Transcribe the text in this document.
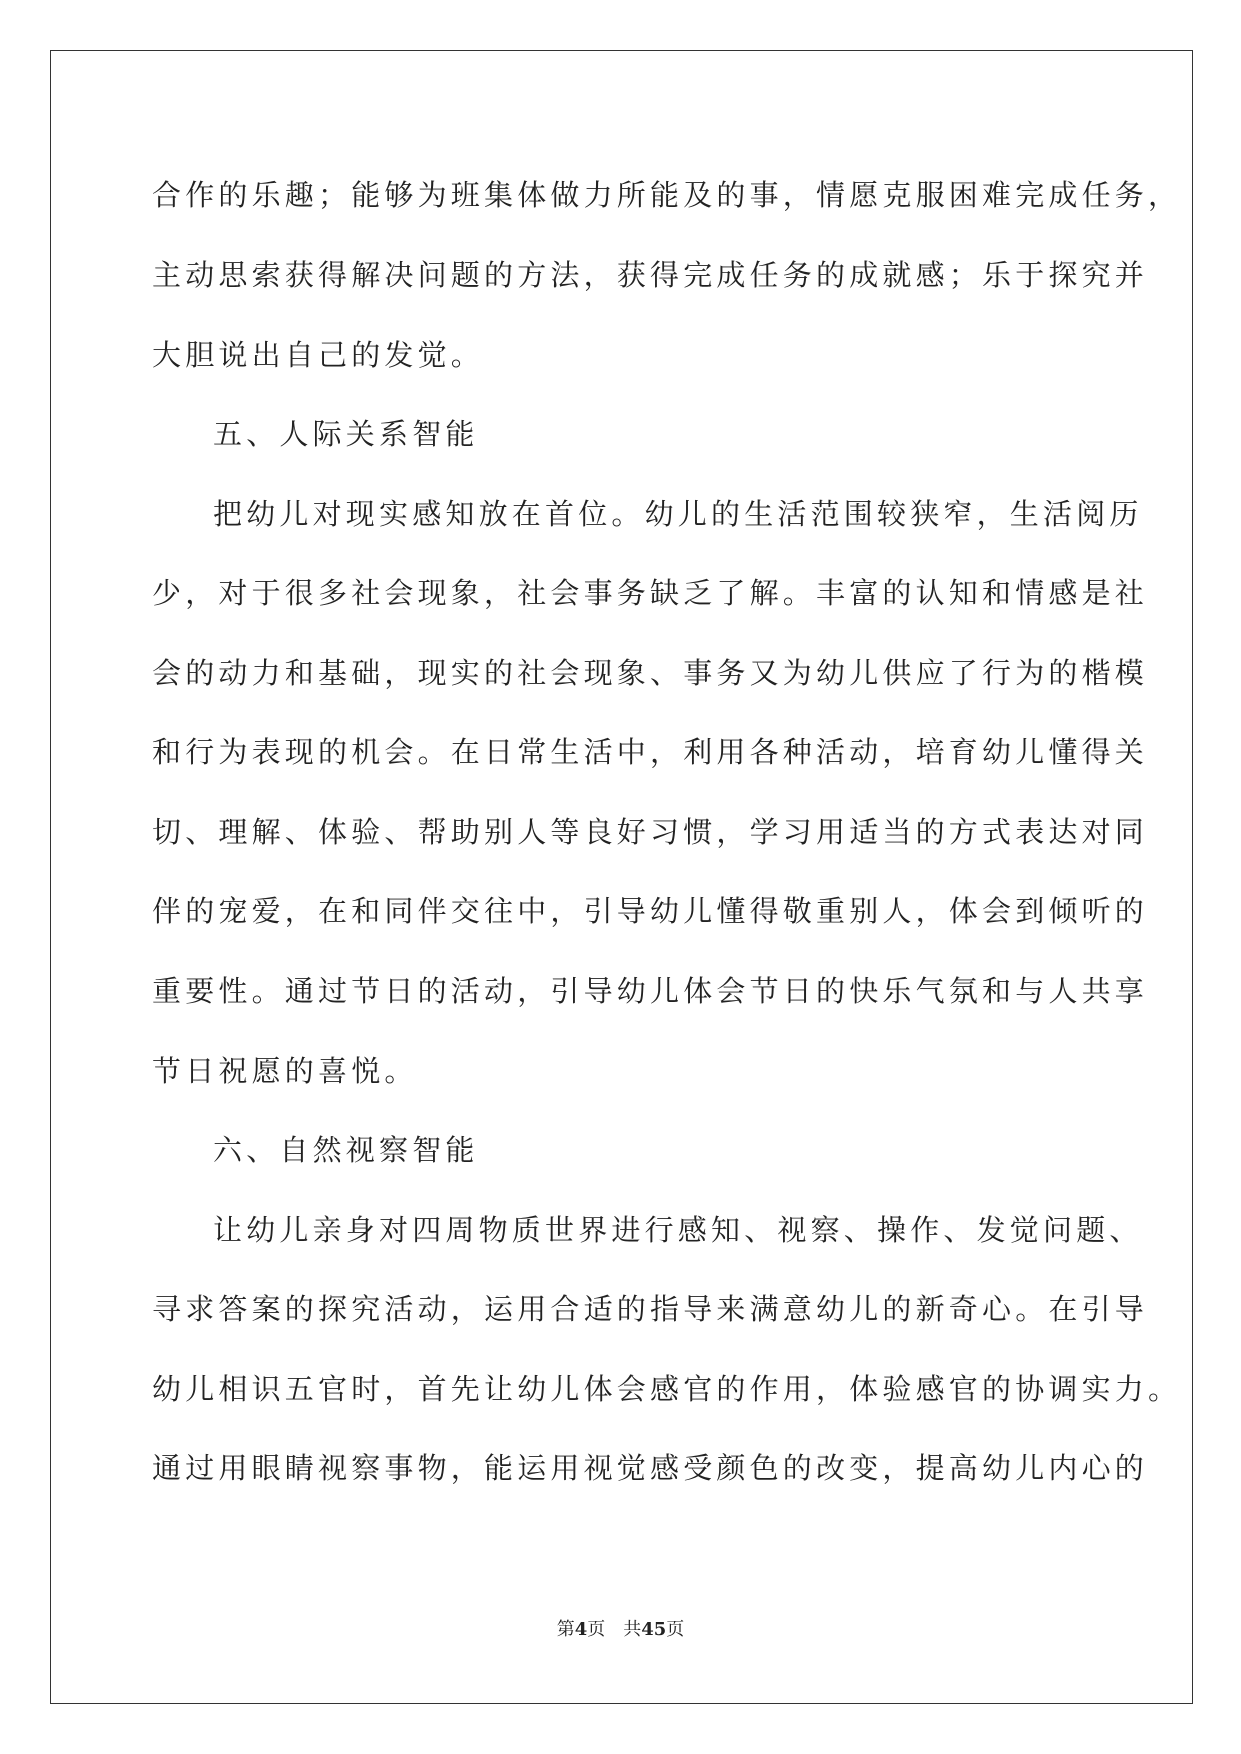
合作的乐趣；能够为班集体做力所能及的事，情愿克服困难完成任务，
主动思索获得解决问题的方法，获得完成任务的成就感；乐于探究并
大胆说出自己的发觉。
五、人际关系智能
把幼儿对现实感知放在首位。幼儿的生活范围较狭窄，生活阅历
少，对于很多社会现象，社会事务缺乏了解。丰富的认知和情感是社
会的动力和基础，现实的社会现象、事务又为幼儿供应了行为的楷模
和行为表现的机会。在日常生活中，利用各种活动，培育幼儿懂得关
切、理解、体验、帮助别人等良好习惯，学习用适当的方式表达对同
伴的宠爱，在和同伴交往中，引导幼儿懂得敬重别人，体会到倾听的
重要性。通过节日的活动，引导幼儿体会节日的快乐气氛和与人共享
节日祝愿的喜悦。
六、自然视察智能
让幼儿亲身对四周物质世界进行感知、视察、操作、发觉问题、
寻求答案的探究活动，运用合适的指导来满意幼儿的新奇心。在引导
幼儿相识五官时，首先让幼儿体会感官的作用，体验感官的协调实力。
通过用眼睛视察事物，能运用视觉感受颜色的改变，提高幼儿内心的
第4页 共45页
